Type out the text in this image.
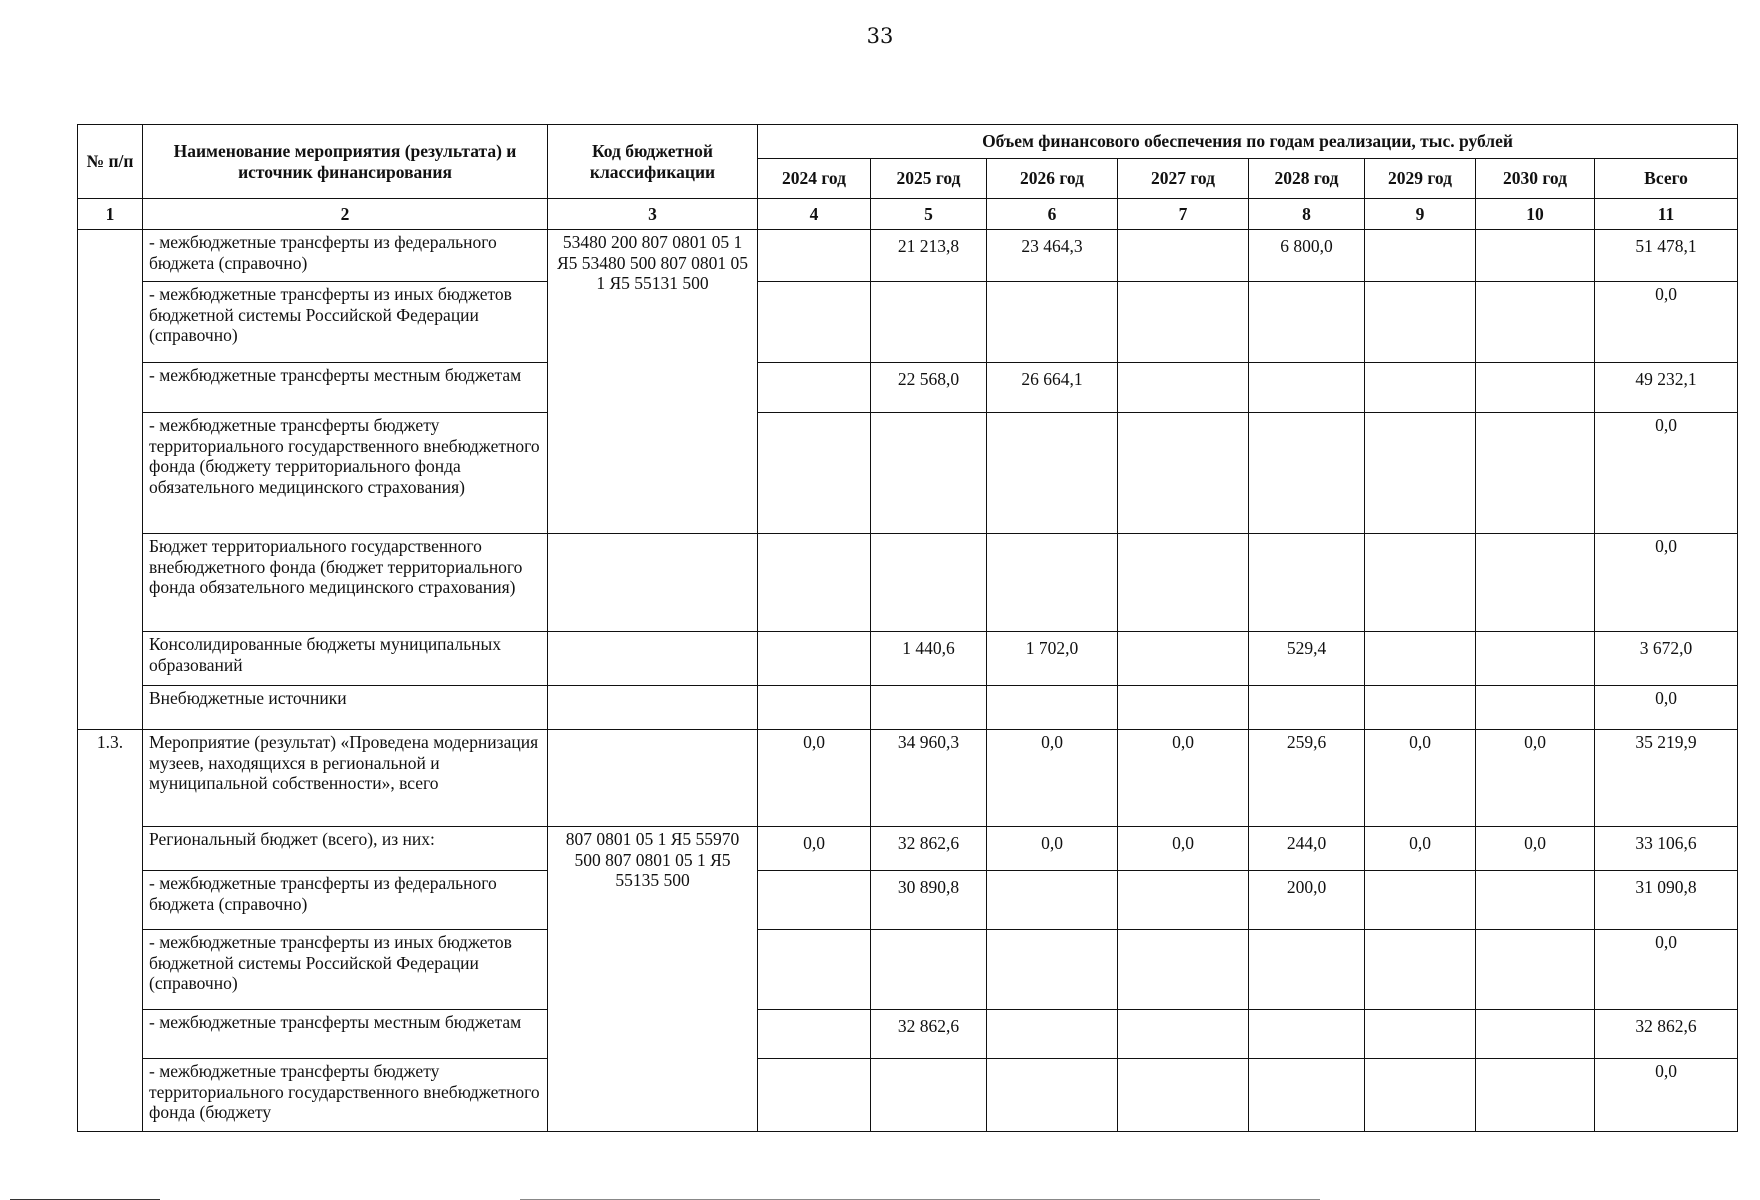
33
№ п/п	Наименование мероприятия (результата) и источник финансирования	Код бюджетной классификации	Объем финансового обеспечения по годам реализации, тыс. рублей							
			2024 год	2025 год	2026 год	2027 год	2028 год	2029 год	2030 год	Всего
1	2	3	4	5	6	7	8	9	10	11
	- межбюджетные трансферты из федерального бюджета (справочно)	53480 200 807 0801 05 1 Я5 53480 500 807 0801 05 1 Я5 55131 500		21 213,8	23 464,3		6 800,0			51 478,1
	- межбюджетные трансферты из иных бюджетов бюджетной системы Российской Федерации (справочно)									0,0
	- межбюджетные трансферты местным бюджетам			22 568,0	26 664,1					49 232,1
	- межбюджетные трансферты бюджету территориального государственного внебюджетного фонда (бюджету территориального фонда обязательного медицинского страхования)									0,0
	Бюджет территориального государственного внебюджетного фонда (бюджет территориального фонда обязательного медицинского страхования)									0,0
	Консолидированные бюджеты муниципальных образований			1 440,6	1 702,0		529,4			3 672,0
	Внебюджетные источники									0,0
1.3.	Мероприятие (результат) «Проведена модернизация музеев, находящихся в региональной и муниципальной собственности», всего		0,0	34 960,3	0,0	0,0	259,6	0,0	0,0	35 219,9
	Региональный бюджет (всего), из них:	807 0801 05 1 Я5 55970 500 807 0801 05 1 Я5 55135 500	0,0	32 862,6	0,0	0,0	244,0	0,0	0,0	33 106,6
	- межбюджетные трансферты из федерального бюджета (справочно)			30 890,8			200,0			31 090,8
	- межбюджетные трансферты из иных бюджетов бюджетной системы Российской Федерации (справочно)									0,0
	- межбюджетные трансферты местным бюджетам			32 862,6						32 862,6
	- межбюджетные трансферты бюджету территориального государственного внебюджетного фонда (бюджету									0,0
